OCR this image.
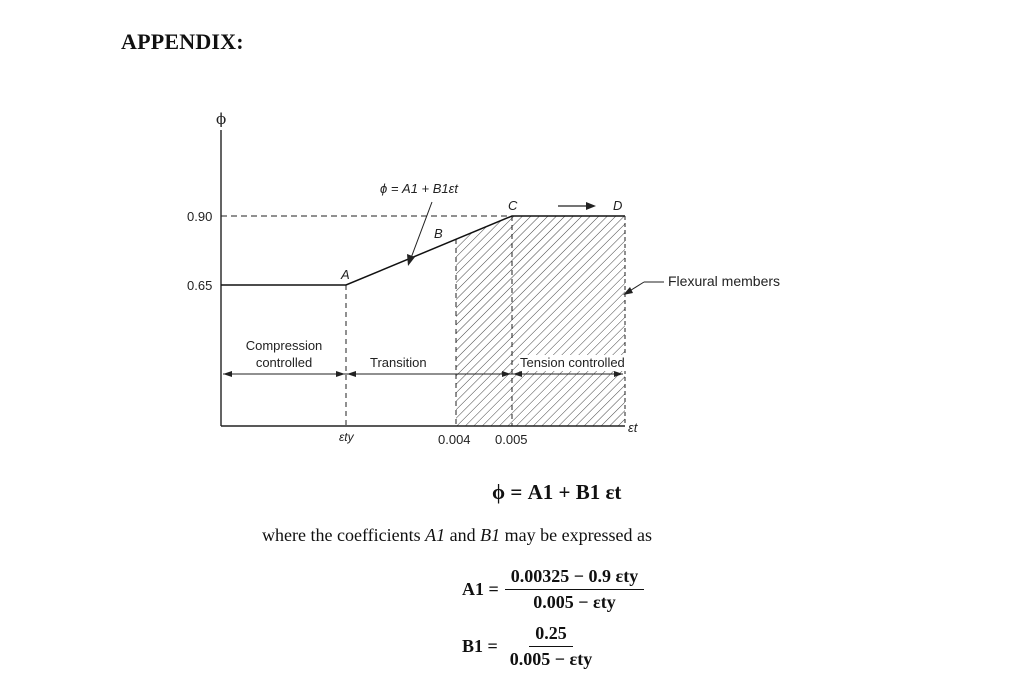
APPENDIX:
ϕ
0.90
0.65
εt
εty	0.004 0.005
A
B
C	D
ϕ = A1 + B1εt
Compression
controlled	Transition	Tension controlled
Flexural members
ϕ = A1 + B1 εt
where the coefficients A1 and B1 may be expressed as
$A1 = \frac{\text{0.00325 − 0.9 εty}}{\text{0.005 − εty}}$
$B1 = \frac{0.25}{\text{0.005 − εty}}$
